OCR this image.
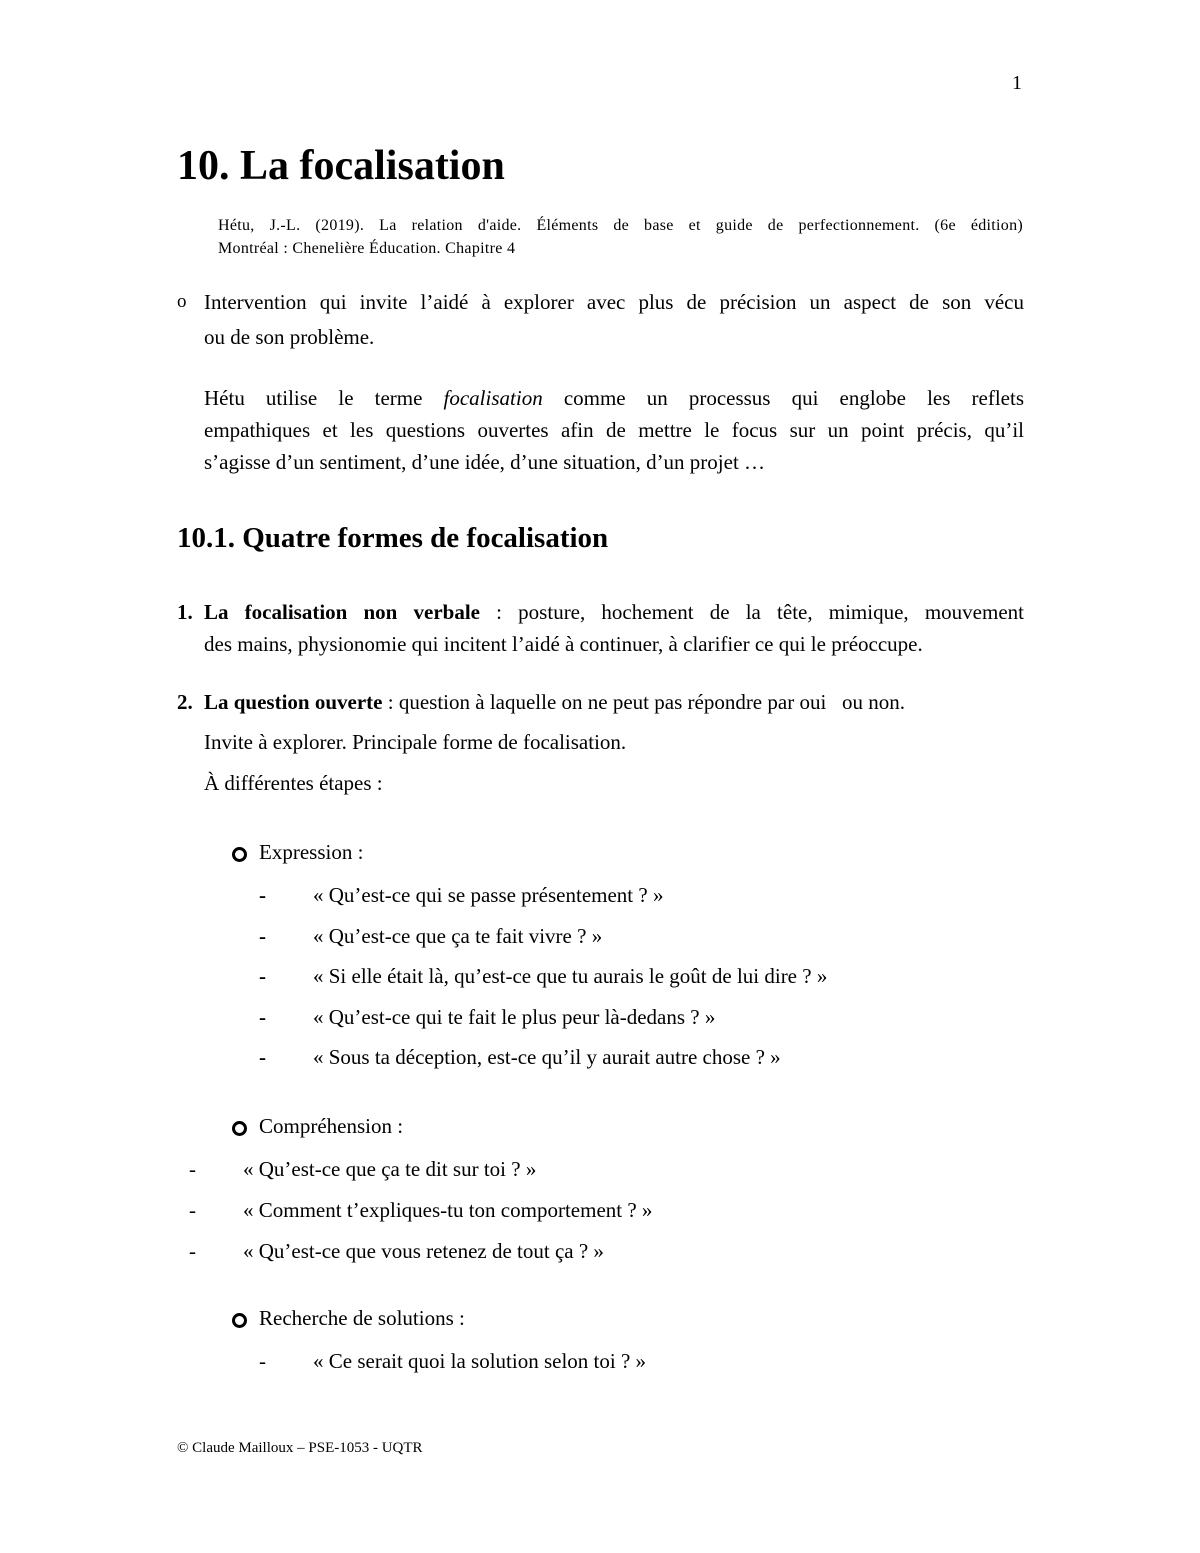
1
10. La focalisation
Hétu, J.-L. (2019). La relation d'aide. Éléments de base et guide de perfectionnement. (6e édition)
Montréal : Chenelière Éducation. Chapitre 4
o Intervention qui invite l’aidé à explorer avec plus de précision un aspect de son vécu
ou de son problème.
Hétu utilise le terme focalisation comme un processus qui englobe les reflets
empathiques et les questions ouvertes afin de mettre le focus sur un point précis, qu’il
s’agisse d’un sentiment, d’une idée, d’une situation, d’un projet …
10.1. Quatre formes de focalisation
1. La focalisation non verbale : posture, hochement de la tête, mimique, mouvement
des mains, physionomie qui incitent l’aidé à continuer, à clarifier ce qui le préoccupe.
2. La question ouverte : question à laquelle on ne peut pas répondre par oui   ou non.
Invite à explorer. Principale forme de focalisation.
À différentes étapes :
Expression :
- « Qu’est-ce qui se passe présentement ? »
- « Qu’est-ce que ça te fait vivre ? »
- « Si elle était là, qu’est-ce que tu aurais le goût de lui dire ? »
- « Qu’est-ce qui te fait le plus peur là-dedans ? »
- « Sous ta déception, est-ce qu’il y aurait autre chose ? »
Compréhension :
- « Qu’est-ce que ça te dit sur toi ? »
- « Comment t’expliques-tu ton comportement ? »
- « Qu’est-ce que vous retenez de tout ça ? »
Recherche de solutions :
- « Ce serait quoi la solution selon toi ? »
© Claude Mailloux – PSE-1053 - UQTR
